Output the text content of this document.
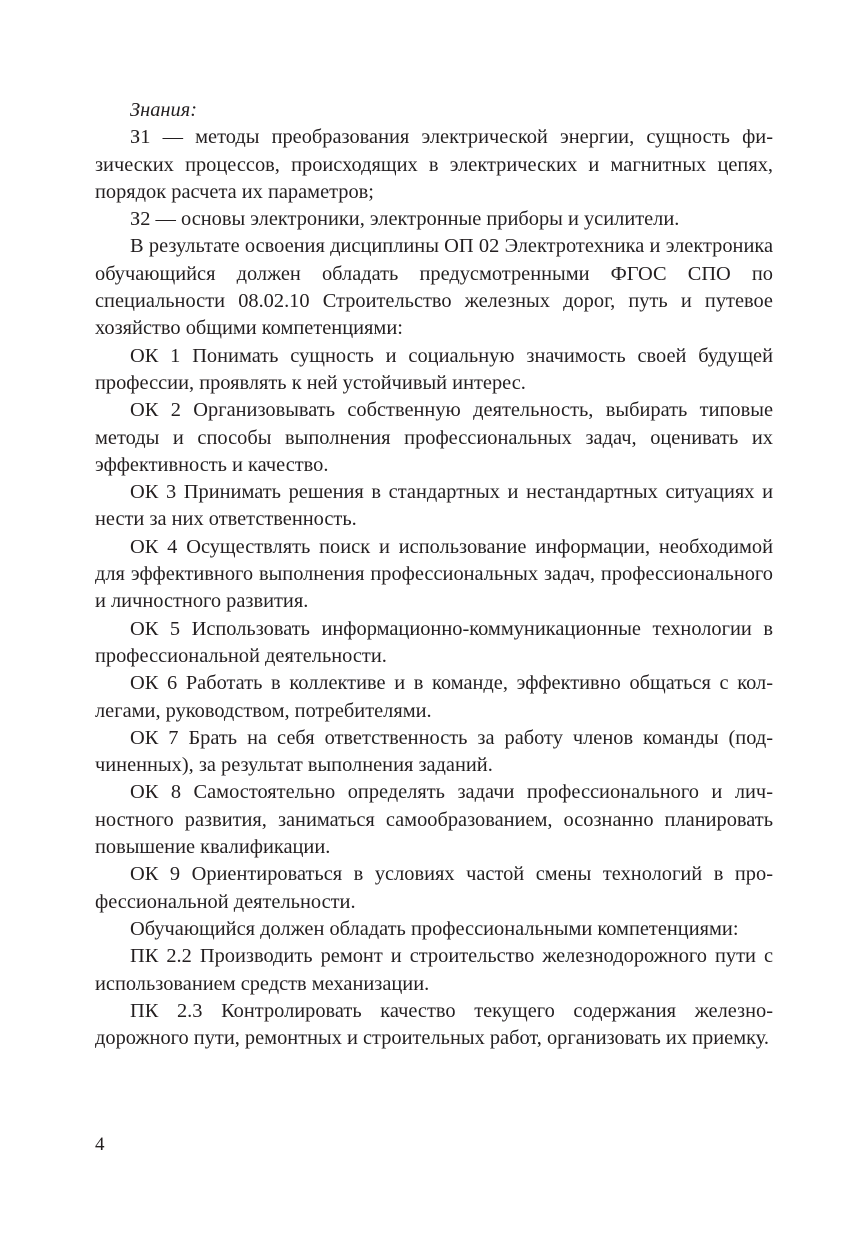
Знания:

З1 — методы преобразования электрической энергии, сущность физических процессов, происходящих в электрических и магнитных цепях, порядок расчета их параметров;

З2 — основы электроники, электронные приборы и усилители.

В результате освоения дисциплины ОП 02 Электротехника и электроника обучающийся должен обладать предусмотренными ФГОС СПО по специальности 08.02.10 Строительство железных дорог, путь и путевое хозяйство общими компетенциями:

ОК 1 Понимать сущность и социальную значимость своей будущей профессии, проявлять к ней устойчивый интерес.

ОК 2 Организовывать собственную деятельность, выбирать типовые методы и способы выполнения профессиональных задач, оценивать их эффективность и качество.

ОК 3 Принимать решения в стандартных и нестандартных ситуациях и нести за них ответственность.

ОК 4 Осуществлять поиск и использование информации, необходимой для эффективного выполнения профессиональных задач, профессионального и личностного развития.

ОК 5 Использовать информационно-коммуникационные технологии в профессиональной деятельности.

ОК 6 Работать в коллективе и в команде, эффективно общаться с коллегами, руководством, потребителями.

ОК 7 Брать на себя ответственность за работу членов команды (подчиненных), за результат выполнения заданий.

ОК 8 Самостоятельно определять задачи профессионального и личностного развития, заниматься самообразованием, осознанно планировать повышение квалификации.

ОК 9 Ориентироваться в условиях частой смены технологий в профессиональной деятельности.

Обучающийся должен обладать профессиональными компетенциями:

ПК 2.2 Производить ремонт и строительство железнодорожного пути с использованием средств механизации.

ПК 2.3 Контролировать качество текущего содержания железнодорожного пути, ремонтных и строительных работ, организовать их приемку.

4
